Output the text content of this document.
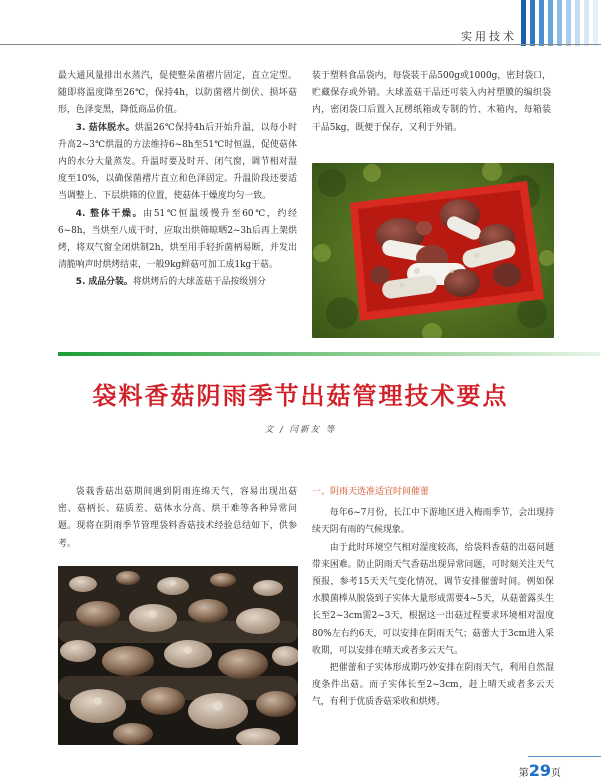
实用技术

最大通风量排出水蒸汽，促使整朵菌褶片固定，直立定型。随即将温度降至26℃，保持4h，以防菌褶片倒伏、损坏菇形，色泽变黑，降低商品价值。

3. 菇体脱水。烘温26℃保持4h后开始升温，以每小时升高2~3℃烘温的方法维持6~8h至51℃时恒温，促使菇体内的水分大量蒸发。升温时要及时开、闭气窗，调节相对湿度至10%，以确保菌褶片直立和色泽固定。升温阶段还要适当调整上、下层烘筛的位置，使菇体干燥度均匀一致。

4. 整体干燥。由51℃恒温缓慢升至60℃，约经6~8h，当烘至八成干时，应取出烘筛晾晒2~3h后再上架烘烤，将双气窗全闭烘制2h，烘至用手轻折菌柄易断，并发出清脆响声时烘烤结束，一般9kg鲜菇可加工成1kg干菇。

5. 成品分装。将烘烤后的大球盖菇干品按级别分

装于塑料食品袋内，每袋装干品500g或1000g，密封袋口，贮藏保存或外销。大球盖菇干品还可装入内衬塑膜的编织袋内，密闭袋口后置入瓦楞纸箱或专制的竹、木箱内，每箱装干品5kg，既便于保存，又利于外销。

袋料香菇阴雨季节出菇管理技术要点
文 / 闫新友 等

袋栽香菇出菇期间遇到阴雨连绵天气，容易出现出菇密、菇柄长、菇质差、菇体水分高、烘干难等各种异常问题。现将在阴雨季节管理袋料香菇技术经验总结如下，供参考。

一、阴雨天选准适宜时间催蕾

每年6~7月份，长江中下游地区进入梅雨季节，会出现持续天阴有雨的气候现象。

由于此时环境空气相对湿度较高，给袋料香菇的出菇问题带来困难。防止阴雨天气香菇出现异常问题，可时刻关注天气预报，参考15天天气变化情况，调节安排催蕾时间。例如保水膜菌棒从脱袋到子实体大量形成需要4~5天，从菇蕾露头生长至2~3cm需2~3天，根据这一出菇过程要求环境相对湿度80%左右约6天，可以安排在阴雨天气；菇蕾大于3cm进入采收期，可以安排在晴天或者多云天气。

把催蕾和子实体形成期巧妙安排在阴雨天气，利用自然湿度条件出菇。而子实体长至2~3cm，赶上晴天或者多云天气，有利于优质香菇采收和烘烤。

第29页
